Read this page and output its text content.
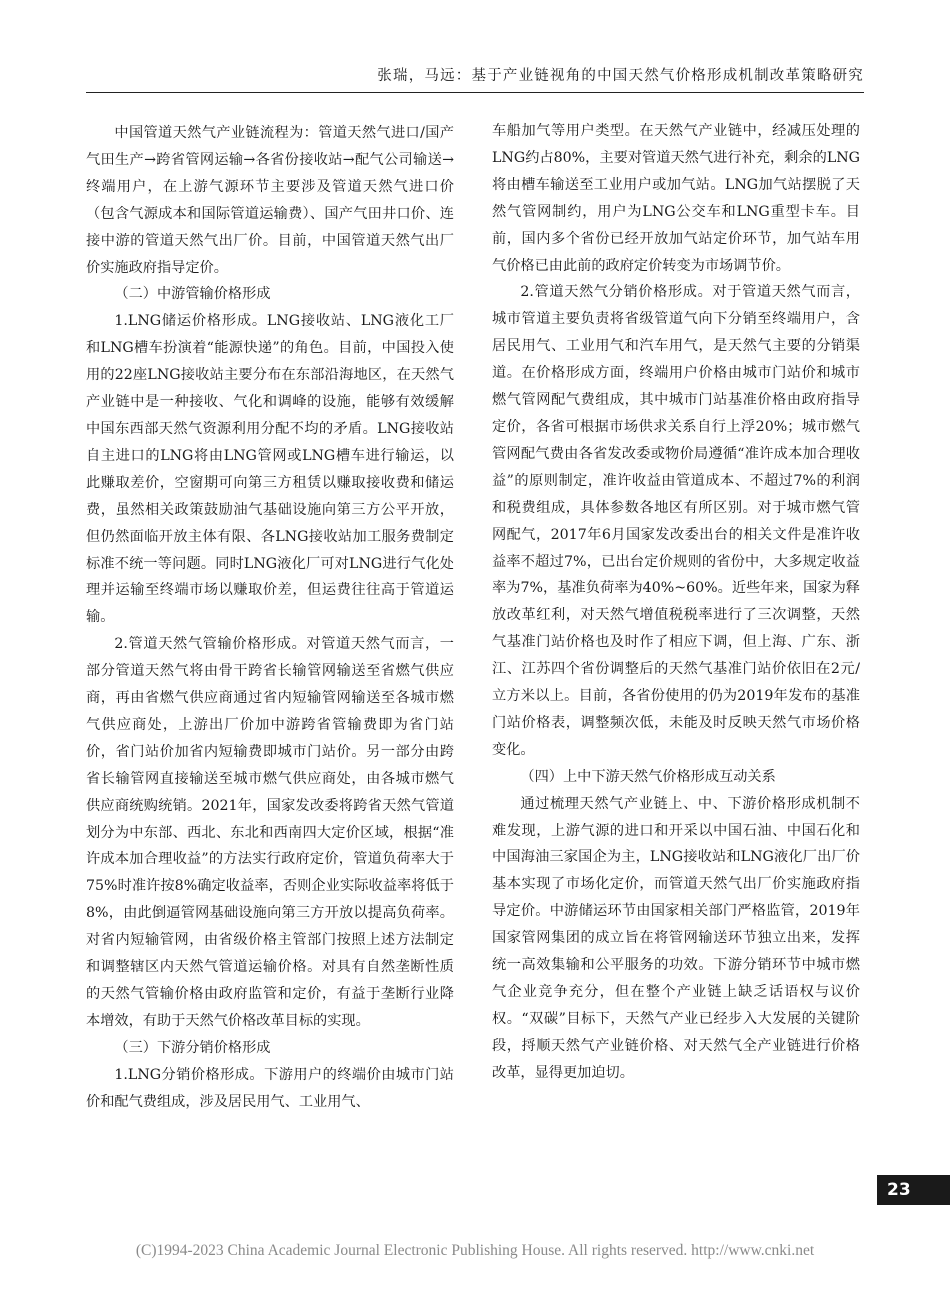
张瑞，马远：基于产业链视角的中国天然气价格形成机制改革策略研究

中国管道天然气产业链流程为：管道天然气进口/国产气田生产→跨省管网运输→各省份接收站→配气公司输送→终端用户，在上游气源环节主要涉及管道天然气进口价（包含气源成本和国际管道运输费）、国产气田井口价、连接中游的管道天然气出厂价。目前，中国管道天然气出厂价实施政府指导定价。

（二）中游管输价格形成

1.LNG储运价格形成。LNG接收站、LNG液化工厂和LNG槽车扮演着“能源快递”的角色。目前，中国投入使用的22座LNG接收站主要分布在东部沿海地区，在天然气产业链中是一种接收、气化和调峰的设施，能够有效缓解中国东西部天然气资源利用分配不均的矛盾。LNG接收站自主进口的LNG将由LNG管网或LNG槽车进行输运，以此赚取差价，空窗期可向第三方租赁以赚取接收费和储运费，虽然相关政策鼓励油气基础设施向第三方公平开放，但仍然面临开放主体有限、各LNG接收站加工服务费制定标准不统一等问题。同时LNG液化厂可对LNG进行气化处理并运输至终端市场以赚取价差，但运费往往高于管道运输。

2.管道天然气管输价格形成。对管道天然气而言，一部分管道天然气将由骨干跨省长输管网输送至省燃气供应商，再由省燃气供应商通过省内短输管网输送至各城市燃气供应商处，上游出厂价加中游跨省管输费即为省门站价，省门站价加省内短输费即城市门站价。另一部分由跨省长输管网直接输送至城市燃气供应商处，由各城市燃气供应商统购统销。2021年，国家发改委将跨省天然气管道划分为中东部、西北、东北和西南四大定价区域，根据“准许成本加合理收益”的方法实行政府定价，管道负荷率大于75%时准许按8%确定收益率，否则企业实际收益率将低于8%，由此倒逼管网基础设施向第三方开放以提高负荷率。对省内短输管网，由省级价格主管部门按照上述方法制定和调整辖区内天然气管道运输价格。对具有自然垄断性质的天然气管输价格由政府监管和定价，有益于垄断行业降本增效，有助于天然气价格改革目标的实现。

（三）下游分销价格形成

1.LNG分销价格形成。下游用户的终端价由城市门站价和配气费组成，涉及居民用气、工业用气、

车船加气等用户类型。在天然气产业链中，经减压处理的LNG约占80%，主要对管道天然气进行补充，剩余的LNG将由槽车输送至工业用户或加气站。LNG加气站摆脱了天然气管网制约，用户为LNG公交车和LNG重型卡车。目前，国内多个省份已经开放加气站定价环节，加气站车用气价格已由此前的政府定价转变为市场调节价。

2.管道天然气分销价格形成。对于管道天然气而言，城市管道主要负责将省级管道气向下分销至终端用户，含居民用气、工业用气和汽车用气，是天然气主要的分销渠道。在价格形成方面，终端用户价格由城市门站价和城市燃气管网配气费组成，其中城市门站基准价格由政府指导定价，各省可根据市场供求关系自行上浮20%；城市燃气管网配气费由各省发改委或物价局遵循“准许成本加合理收益”的原则制定，准许收益由管道成本、不超过7%的利润和税费组成，具体参数各地区有所区别。对于城市燃气管网配气，2017年6月国家发改委出台的相关文件是准许收益率不超过7%，已出台定价规则的省份中，大多规定收益率为7%，基准负荷率为40%~60%。近些年来，国家为释放改革红利，对天然气增值税税率进行了三次调整，天然气基准门站价格也及时作了相应下调，但上海、广东、浙江、江苏四个省份调整后的天然气基准门站价依旧在2元/立方米以上。目前，各省份使用的仍为2019年发布的基准门站价格表，调整频次低，未能及时反映天然气市场价格变化。

（四）上中下游天然气价格形成互动关系

通过梳理天然气产业链上、中、下游价格形成机制不难发现，上游气源的进口和开采以中国石油、中国石化和中国海油三家国企为主，LNG接收站和LNG液化厂出厂价基本实现了市场化定价，而管道天然气出厂价实施政府指导定价。中游储运环节由国家相关部门严格监管，2019年国家管网集团的成立旨在将管网输送环节独立出来，发挥统一高效集输和公平服务的功效。下游分销环节中城市燃气企业竞争充分，但在整个产业链上缺乏话语权与议价权。“双碳”目标下，天然气产业已经步入大发展的关键阶段，捋顺天然气产业链价格、对天然气全产业链进行价格改革，显得更加迫切。

23
(C)1994-2023 China Academic Journal Electronic Publishing House. All rights reserved. http://www.cnki.net
